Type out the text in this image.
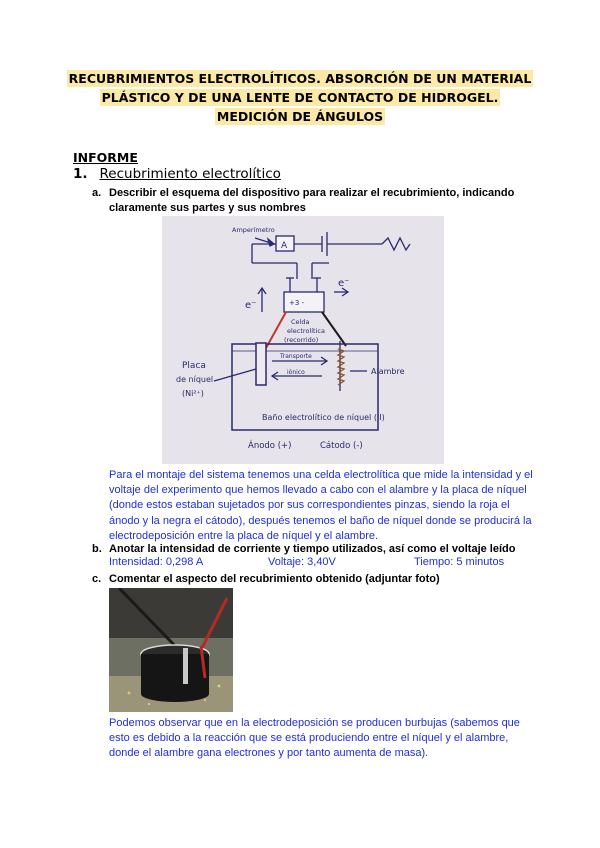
RECUBRIMIENTOS ELECTROLÍTICOS. ABSORCIÓN DE UN MATERIAL
PLÁSTICO Y DE UNA LENTE DE CONTACTO DE HIDROGEL.
MEDICIÓN DE ÁNGULOS
INFORME
1. Recubrimiento electrolítico
a. Describir el esquema del dispositivo para realizar el recubrimiento, indicando claramente sus partes y sus nombres
Amperímetro
A
e⁻
e⁻
+3 -
Celda
electrolítica
(recorrido)
Placa
de níquel
(Ni²⁺)
Transporte
iónico	Alambre
Baño electrolítico de níquel (II)
Ánodo (+)	Cátodo (-)
Para el montaje del sistema tenemos una celda electrolítica que mide la intensidad y el voltaje del experimento que hemos llevado a cabo con el alambre y la placa de níquel (donde estos estaban sujetados por sus correspondientes pinzas, siendo la roja el ánodo y la negra el cátodo), después tenemos el baño de níquel donde se producirá la electrodeposición entre la placa de níquel y el alambre.
b. Anotar la intensidad de corriente y tiempo utilizados, así como el voltaje leído
Intensidad: 0,298 A	Voltaje: 3,40V	Tiempo: 5 minutos
c. Comentar el aspecto del recubrimiento obtenido (adjuntar foto)
Podemos observar que en la electrodeposición se producen burbujas (sabemos que esto es debido a la reacción que se está produciendo entre el níquel y el alambre, donde el alambre gana electrones y por tanto aumenta de masa).
